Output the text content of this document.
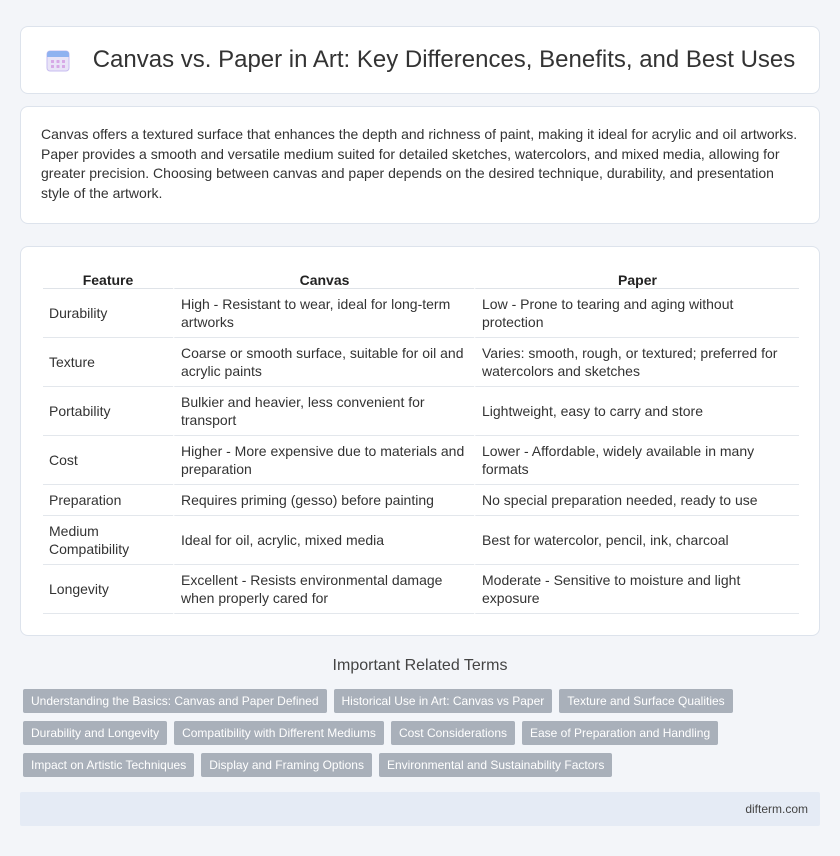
Canvas vs. Paper in Art: Key Differences, Benefits, and Best Uses

Canvas offers a textured surface that enhances the depth and richness of paint, making it ideal for acrylic and oil artworks. Paper provides a smooth and versatile medium suited for detailed sketches, watercolors, and mixed media, allowing for greater precision. Choosing between canvas and paper depends on the desired technique, durability, and presentation style of the artwork.

Feature	Canvas	Paper
Durability	High - Resistant to wear, ideal for long-term artworks	Low - Prone to tearing and aging without protection
Texture	Coarse or smooth surface, suitable for oil and acrylic paints	Varies: smooth, rough, or textured; preferred for watercolors and sketches
Portability	Bulkier and heavier, less convenient for transport	Lightweight, easy to carry and store
Cost	Higher - More expensive due to materials and preparation	Lower - Affordable, widely available in many formats
Preparation	Requires priming (gesso) before painting	No special preparation needed, ready to use
Medium Compatibility	Ideal for oil, acrylic, mixed media	Best for watercolor, pencil, ink, charcoal
Longevity	Excellent - Resists environmental damage when properly cared for	Moderate - Sensitive to moisture and light exposure
Important Related Terms
Understanding the Basics: Canvas and Paper Defined	Historical Use in Art: Canvas vs Paper	Texture and Surface Qualities
Durability and Longevity	Compatibility with Different Mediums	Cost Considerations	Ease of Preparation and Handling
Impact on Artistic Techniques	Display and Framing Options	Environmental and Sustainability Factors
difterm.com
